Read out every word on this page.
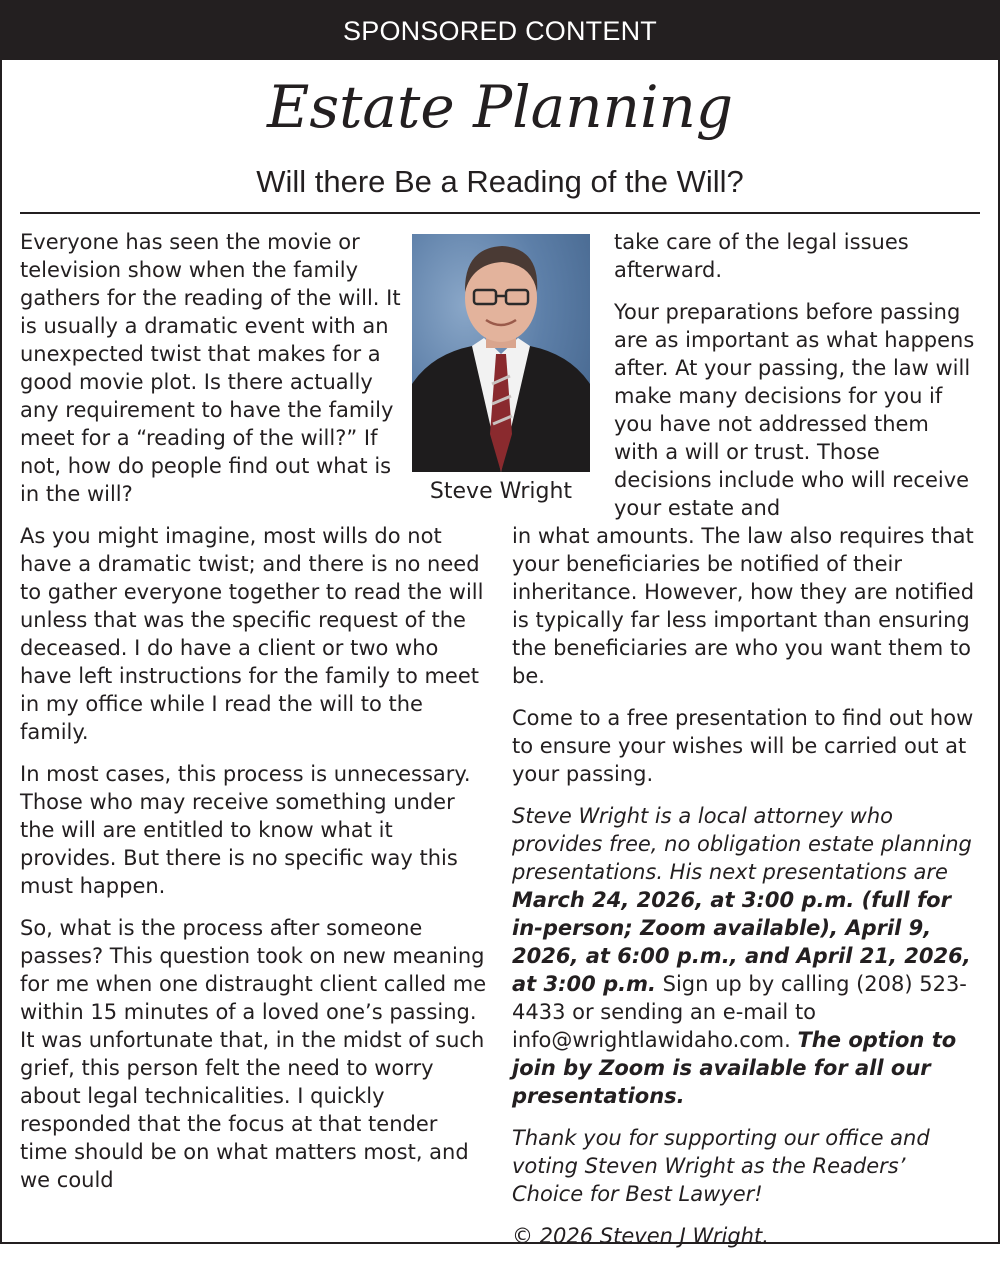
SPONSORED CONTENT
Estate Planning
Will there Be a Reading of the Will?
Steve Wright

Everyone has seen the movie or television show when the family gathers for the reading of the will. It is usually a dramatic event with an unexpected twist that makes for a good movie plot. Is there actually any requirement to have the family meet for a “reading of the will?” If not, how do people find out what is in the will?

As you might imagine, most wills do not have a dramatic twist; and there is no need to gather everyone together to read the will unless that was the specific request of the deceased. I do have a client or two who have left instructions for the family to meet in my office while I read the will to the family.

In most cases, this process is unnecessary. Those who may receive something under the will are entitled to know what it provides. But there is no specific way this must happen.

So, what is the process after someone passes? This question took on new meaning for me when one distraught client called me within 15 minutes of a loved one’s passing. It was unfortunate that, in the midst of such grief, this person felt the need to worry about legal technicalities. I quickly responded that the focus at that tender time should be on what matters most, and we could

take care of the legal issues afterward.

Your preparations before passing are as important as what happens after. At your passing, the law will make many decisions for you if you have not addressed them with a will or trust. Those decisions include who will receive your estate and

in what amounts. The law also requires that your beneficiaries be notified of their inheritance. However, how they are notified is typically far less important than ensuring the beneficiaries are who you want them to be.

Come to a free presentation to find out how to ensure your wishes will be carried out at your passing.

Steve Wright is a local attorney who provides free, no obligation estate planning presentations. His next presentations are March 24, 2026, at 3:00 p.m. (full for in-person; Zoom available), April 9, 2026, at 6:00 p.m., and April 21, 2026, at 3:00 p.m. Sign up by calling (208) 523-4433 or sending an e-mail to info@wrightlawidaho.com. The option to join by Zoom is available for all our presentations.

Thank you for supporting our office and voting Steven Wright as the Readers’ Choice for Best Lawyer!

© 2026 Steven J Wright.
